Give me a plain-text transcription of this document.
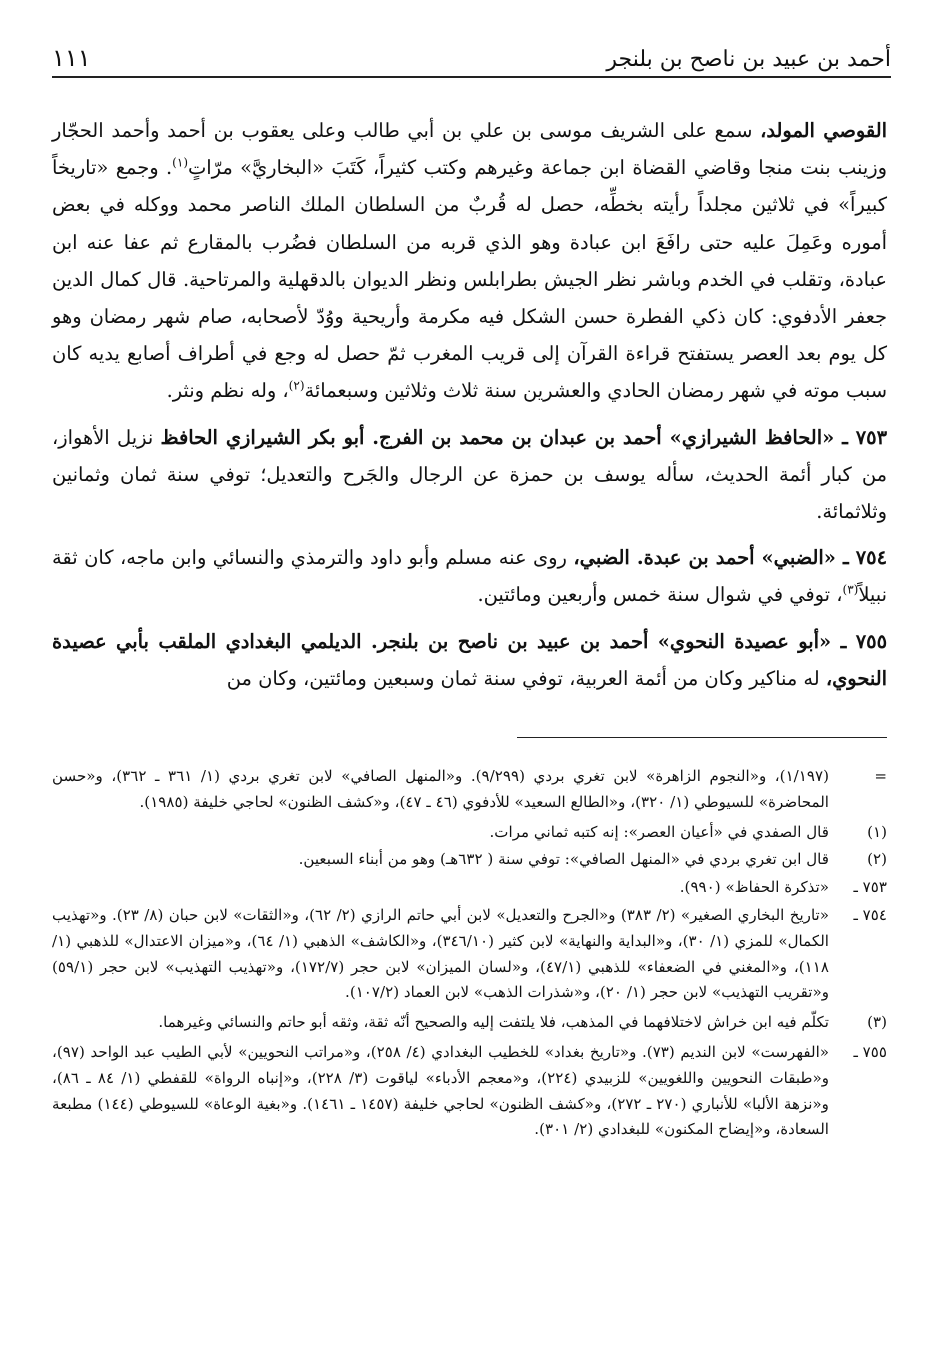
أحمد بن عبيد بن ناصح بن بلنجر
١١١

القوصي المولد، سمع على الشريف موسى بن علي بن أبي طالب وعلى يعقوب بن أحمد وأحمد الحجّار وزينب بنت منجا وقاضي القضاة ابن جماعة وغيرهم وكتب كثيراً، كَتَبَ «البخاريَّ» مرّاتٍ$^{(١)}$. وجمع «تاريخاً كبيراً» في ثلاثين مجلداً رأيته بخطِّه، حصل له قُربٌ من السلطان الملك الناصر محمد ووكله في بعض أموره وعَمِلَ عليه حتى رافَعَ ابن عبادة وهو الذي قربه من السلطان فضُرب بالمقارع ثم عفا عنه ابن عبادة، وتقلب في الخدم وباشر نظر الجيش بطرابلس ونظر الديوان بالدقهلية والمرتاحية. قال كمال الدين جعفر الأدفوي: كان ذكي الفطرة حسن الشكل فيه مكرمة وأريحية ووُدّ لأصحابه، صام شهر رمضان وهو كل يوم بعد العصر يستفتح قراءة القرآن إلى قريب المغرب ثمّ حصل له وجع في أطراف أصابع يديه كان سبب موته في شهر رمضان الحادي والعشرين سنة ثلاث وثلاثين وسبعمائة$^{(٢)}$، وله نظم ونثر.

٧٥٣ ـ «الحافظ الشيرازي» أحمد بن عبدان بن محمد بن الفرج. أبو بكر الشيرازي الحافظ نزيل الأهواز، من كبار أئمة الحديث، سأله يوسف بن حمزة عن الرجال والجَرح والتعديل؛ توفي سنة ثمان وثمانين وثلاثمائة.

٧٥٤ ـ «الضبي» أحمد بن عبدة. الضبي، روى عنه مسلم وأبو داود والترمذي والنسائي وابن ماجه، كان ثقة نبيلاً$^{(٣)}$، توفي في شوال سنة خمس وأربعين ومائتين.

٧٥٥ ـ «أبو عصيدة النحوي» أحمد بن عبيد بن ناصح بن بلنجر. الديلمي البغدادي الملقب بأبي عصيدة النحوي، له مناكير وكان من أئمة العربية، توفي سنة ثمان وسبعين ومائتين، وكان من

=
(١/١٩٧)، و«النجوم الزاهرة» لابن تغري بردي (٩/٢٩٩). و«المنهل الصافي» لابن تغري بردي (١/ ٣٦١ ـ ٣٦٢)، و«حسن المحاضرة» للسيوطي (١/ ٣٢٠)، و«الطالع السعيد» للأدفوي (٤٦ ـ ٤٧)، و«كشف الظنون» لحاجي خليفة (١٩٨٥).
(١)
قال الصفدي في «أعيان العصر»: إنه كتبه ثماني مرات.
(٢)
قال ابن تغري بردي في «المنهل الصافي»: توفي سنة ( ٦٣٢هـ) وهو من أبناء السبعين.
٧٥٣ ـ
«تذكرة الحفاظ» (٩٩٠).
٧٥٤ ـ
«تاريخ البخاري الصغير» (٢/ ٣٨٣) و«الجرح والتعديل» لابن أبي حاتم الرازي (٢/ ٦٢)، و«الثقات» لابن حبان (٨/ ٢٣). و«تهذيب الكمال» للمزي (١/ ٣٠)، و«البداية والنهاية» لابن كثير (٣٤٦/١٠)، و«الكاشف» الذهبي (١/ ٦٤)، و«ميزان الاعتدال» للذهبي (١/ ١١٨)، و«المغني في الضعفاء» للذهبي (٤٧/١)، و«لسان الميزان» لابن حجر (١٧٢/٧)، و«تهذيب التهذيب» لابن حجر (٥٩/١) و«تقريب التهذيب» لابن حجر (١/ ٢٠)، و«شذرات الذهب» لابن العماد (١٠٧/٢).
(٣)
تكلّم فيه ابن خراش لاختلافهما في المذهب، فلا يلتفت إليه والصحيح أنّه ثقة، وثقه أبو حاتم والنسائي وغيرهما.
٧٥٥ ـ
«الفهرست» لابن النديم (٧٣). و«تاريخ بغداد» للخطيب البغدادي (٤/ ٢٥٨)، و«مراتب النحويين» لأبي الطيب عبد الواحد (٩٧)، و«طبقات النحويين واللغويين» للزبيدي (٢٢٤)، و«معجم الأدباء» لياقوت (٣/ ٢٢٨)، و«إنباه الرواة» للقفطي (١/ ٨٤ ـ ٨٦)، و«نزهة الألبا» للأنباري (٢٧٠ ـ ٢٧٢)، و«كشف الظنون» لحاجي خليفة (١٤٥٧ ـ ١٤٦١). و«بغية الوعاة» للسيوطي (١٤٤) مطبعة السعادة، و«إيضاح المكنون» للبغدادي (٢/ ٣٠١).
